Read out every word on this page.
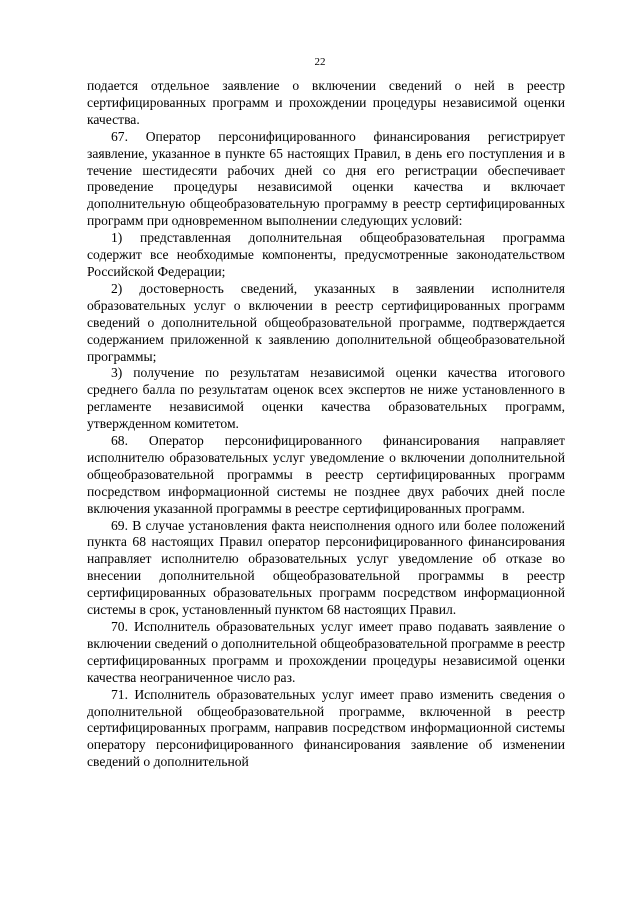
22

подается отдельное заявление о включении сведений о ней в реестр сертифицированных программ и прохождении процедуры независимой оценки качества.

67. Оператор персонифицированного финансирования регистрирует заявление, указанное в пункте 65 настоящих Правил, в день его поступления и в течение шестидесяти рабочих дней со дня его регистрации обеспечивает проведение процедуры независимой оценки качества и включает дополнительную общеобразовательную программу в реестр сертифицированных программ при одновременном выполнении следующих условий:

1) представленная дополнительная общеобразовательная программа содержит все необходимые компоненты, предусмотренные законодательством Российской Федерации;

2) достоверность сведений, указанных в заявлении исполнителя образовательных услуг о включении в реестр сертифицированных программ сведений о дополнительной общеобразовательной программе, подтверждается содержанием приложенной к заявлению дополнительной общеобразовательной программы;

3) получение по результатам независимой оценки качества итогового среднего балла по результатам оценок всех экспертов не ниже установленного в регламенте независимой оценки качества образовательных программ, утвержденном комитетом.

68. Оператор персонифицированного финансирования направляет исполнителю образовательных услуг уведомление о включении дополнительной общеобразовательной программы в реестр сертифицированных программ посредством информационной системы не позднее двух рабочих дней после включения указанной программы в реестре сертифицированных программ.

69. В случае установления факта неисполнения одного или более положений пункта 68 настоящих Правил оператор персонифицированного финансирования направляет исполнителю образовательных услуг уведомление об отказе во внесении дополнительной общеобразовательной программы в реестр сертифицированных образовательных программ посредством информационной системы в срок, установленный пунктом 68 настоящих Правил.

70. Исполнитель образовательных услуг имеет право подавать заявление о включении сведений о дополнительной общеобразовательной программе в реестр сертифицированных программ и прохождении процедуры независимой оценки качества неограниченное число раз.

71. Исполнитель образовательных услуг имеет право изменить сведения о дополнительной общеобразовательной программе, включенной в реестр сертифицированных программ, направив посредством информационной системы оператору персонифицированного финансирования заявление об изменении сведений о дополнительной
